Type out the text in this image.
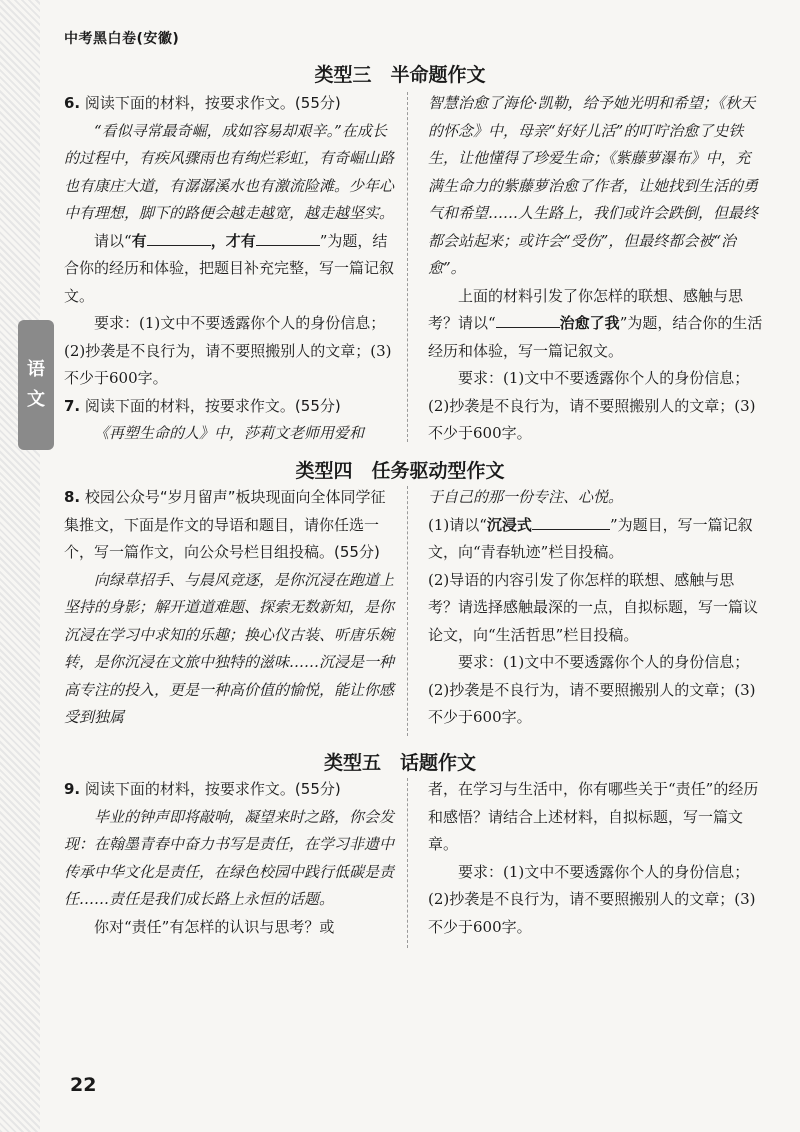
中考黑白卷(安徽)
语
文
类型三　半命题作文

6. 阅读下面的材料，按要求作文。(55分)

“看似寻常最奇崛，成如容易却艰辛。”在成长的过程中，有疾风骤雨也有绚烂彩虹，有奇崛山路也有康庄大道，有潺潺溪水也有激流险滩。少年心中有理想，脚下的路便会越走越宽，越走越坚实。

请以“有	，才有	”为题，结合你的经历和体验，把题目补充完整，写一篇记叙文。

要求：(1)文中不要透露你个人的身份信息；(2)抄袭是不良行为，请不要照搬别人的文章；(3)不少于600字。

7. 阅读下面的材料，按要求作文。(55分)

《再塑生命的人》中，莎莉文老师用爱和

智慧治愈了海伦·凯勒，给予她光明和希望；《秋天的怀念》中，母亲“好好儿活”的叮咛治愈了史铁生，让他懂得了珍爱生命；《紫藤萝瀑布》中，充满生命力的紫藤萝治愈了作者，让她找到生活的勇气和希望……人生路上，我们或许会跌倒，但最终都会站起来；或许会“受伤”，但最终都会被“治愈”。

上面的材料引发了你怎样的联想、感触与思考？请以“	治愈了我”为题，结合你的生活经历和体验，写一篇记叙文。

要求：(1)文中不要透露你个人的身份信息；(2)抄袭是不良行为，请不要照搬别人的文章；(3)不少于600字。

类型四　任务驱动型作文

8. 校园公众号“岁月留声”板块现面向全体同学征集推文，下面是作文的导语和题目，请你任选一个，写一篇作文，向公众号栏目组投稿。(55分)

向绿草招手、与晨风竞逐，是你沉浸在跑道上坚持的身影；解开道道难题、探索无数新知，是你沉浸在学习中求知的乐趣；换心仪古装、听唐乐婉转，是你沉浸在文旅中独特的滋味……沉浸是一种高专注的投入，更是一种高价值的愉悦，能让你感受到独属

于自己的那一份专注、心悦。

(1)请以“沉浸式	”为题目，写一篇记叙文，向“青春轨迹”栏目投稿。

(2)导语的内容引发了你怎样的联想、感触与思考？请选择感触最深的一点，自拟标题，写一篇议论文，向“生活哲思”栏目投稿。

要求：(1)文中不要透露你个人的身份信息；(2)抄袭是不良行为，请不要照搬别人的文章；(3)不少于600字。

类型五　话题作文

9. 阅读下面的材料，按要求作文。(55分)

毕业的钟声即将敲响，凝望来时之路，你会发现：在翰墨青春中奋力书写是责任，在学习非遗中传承中华文化是责任，在绿色校园中践行低碳是责任……责任是我们成长路上永恒的话题。

你对“责任”有怎样的认识与思考？或

者，在学习与生活中，你有哪些关于“责任”的经历和感悟？请结合上述材料，自拟标题，写一篇文章。

要求：(1)文中不要透露你个人的身份信息；(2)抄袭是不良行为，请不要照搬别人的文章；(3)不少于600字。

22
